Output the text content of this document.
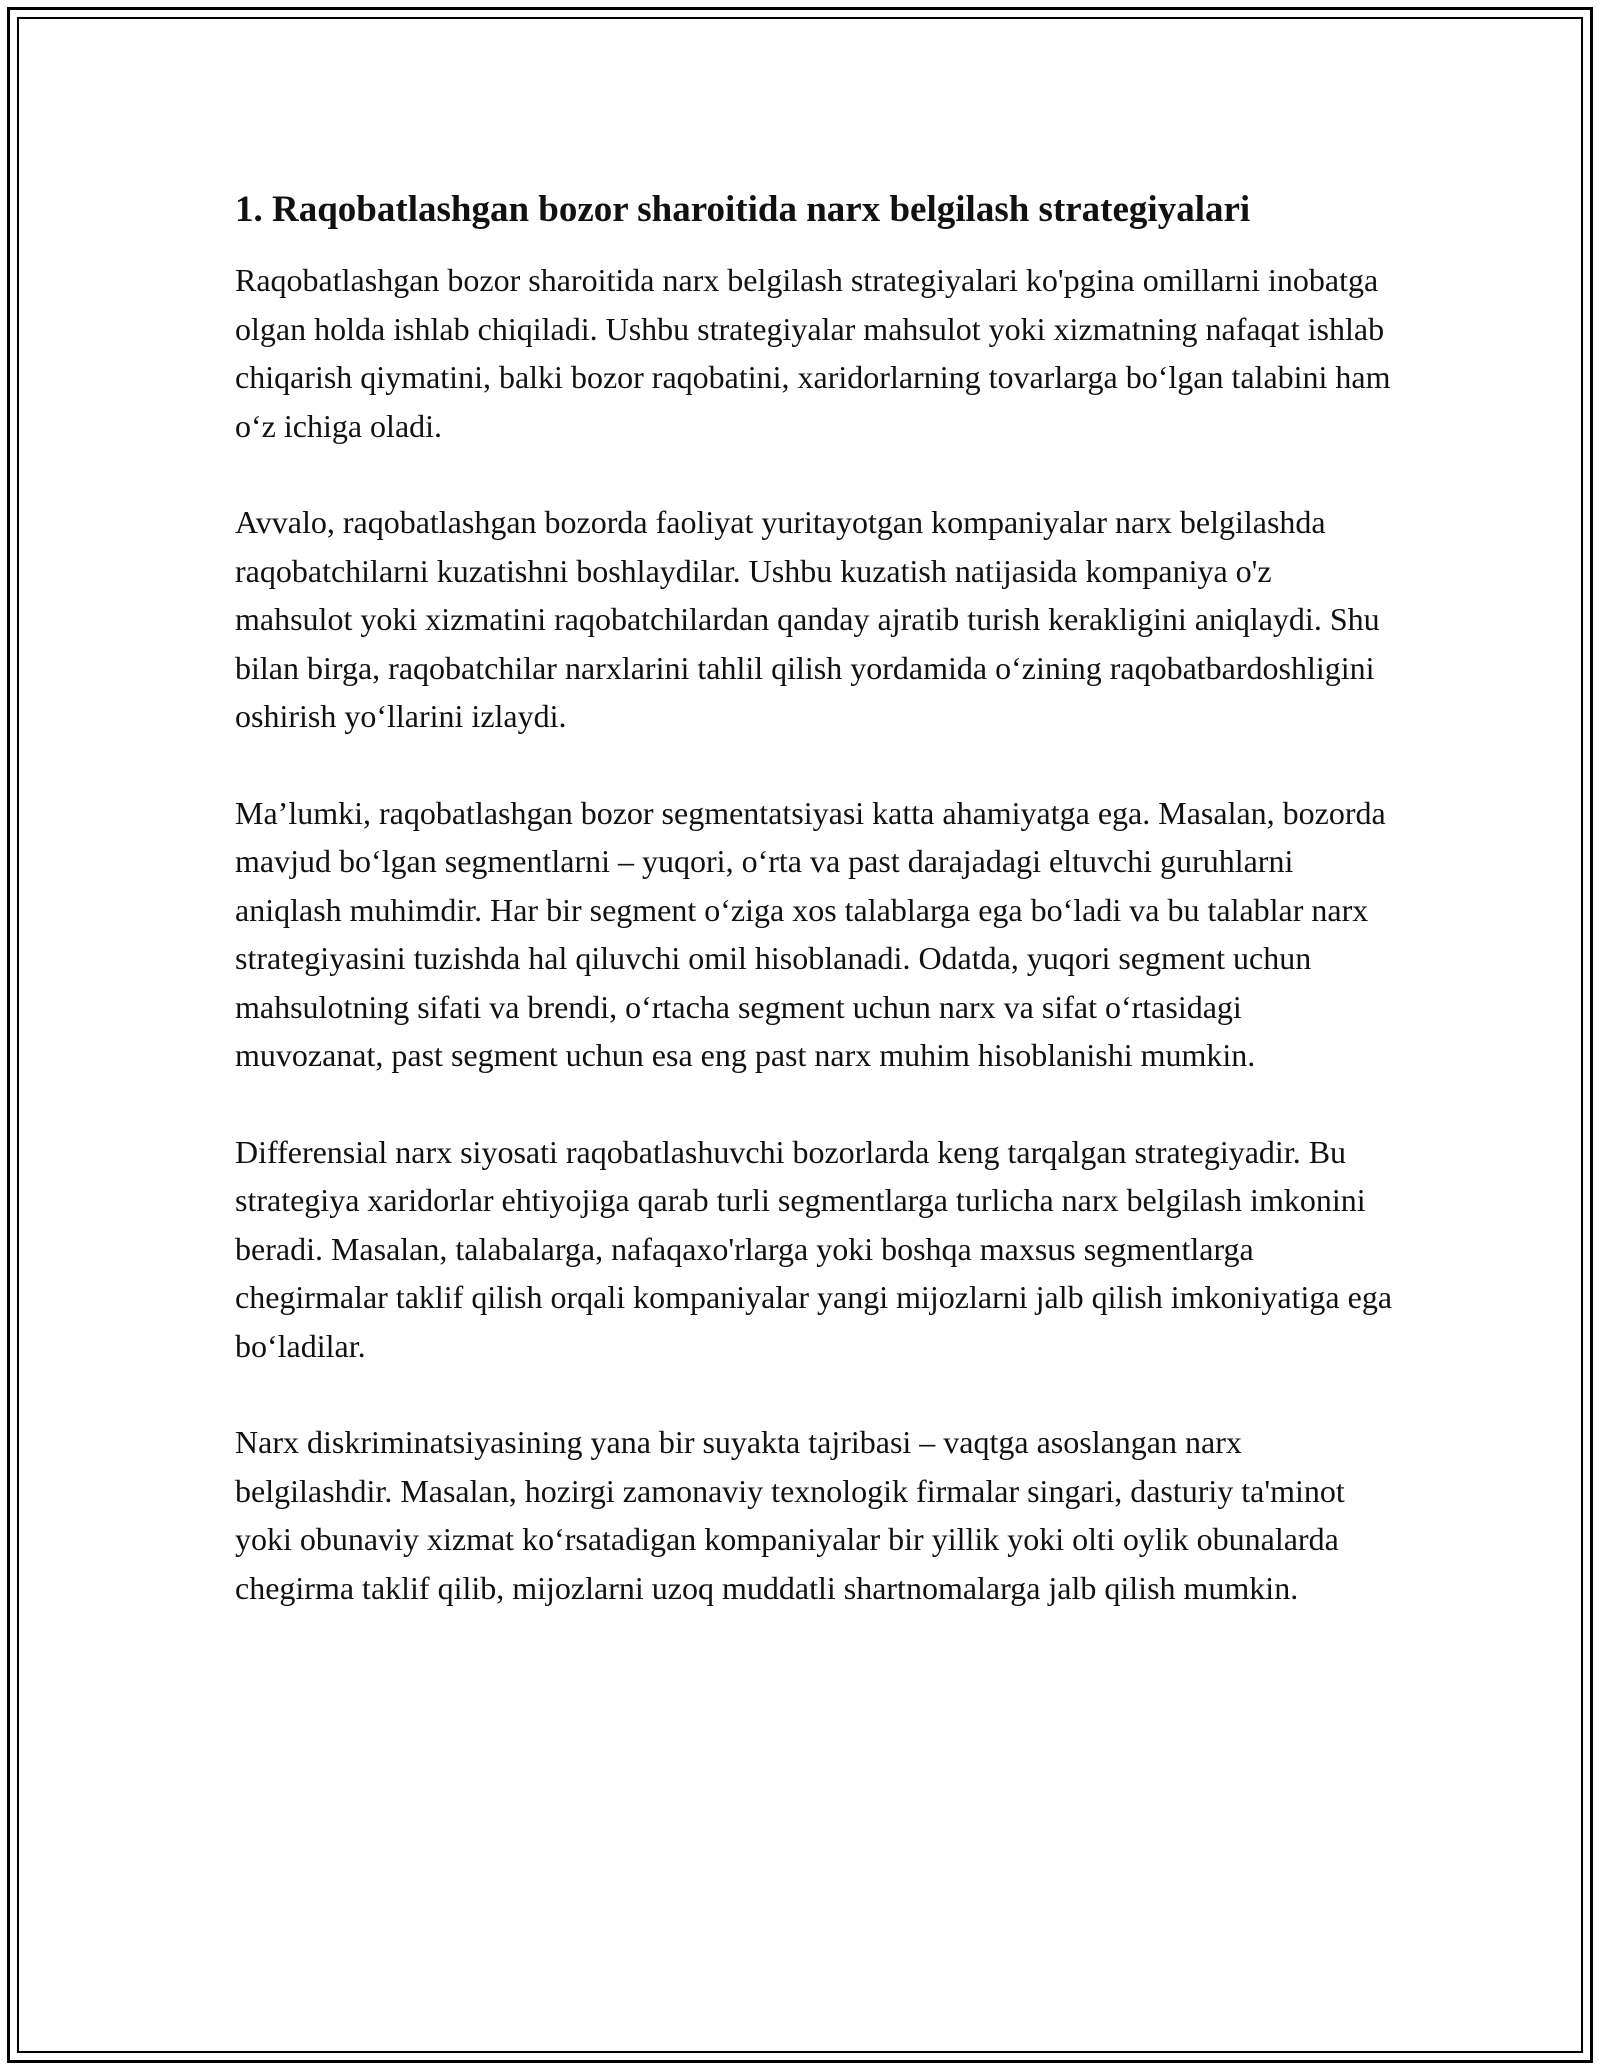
1. Raqobatlashgan bozor sharoitida narx belgilash strategiyalari

Raqobatlashgan bozor sharoitida narx belgilash strategiyalari ko'pgina omillarni inobatga olgan holda ishlab chiqiladi. Ushbu strategiyalar mahsulot yoki xizmatning nafaqat ishlab chiqarish qiymatini, balki bozor raqobatini, xaridorlarning tovarlarga bo‘lgan talabini ham o‘z ichiga oladi.

Avvalo, raqobatlashgan bozorda faoliyat yuritayotgan kompaniyalar narx belgilashda raqobatchilarni kuzatishni boshlaydilar. Ushbu kuzatish natijasida kompaniya o'z mahsulot yoki xizmatini raqobatchilardan qanday ajratib turish kerakligini aniqlaydi. Shu bilan birga, raqobatchilar narxlarini tahlil qilish yordamida o‘zining raqobatbardoshligini oshirish yo‘llarini izlaydi.

Ma’lumki, raqobatlashgan bozor segmentatsiyasi katta ahamiyatga ega. Masalan, bozorda mavjud bo‘lgan segmentlarni – yuqori, o‘rta va past darajadagi eltuvchi guruhlarni aniqlash muhimdir. Har bir segment o‘ziga xos talablarga ega bo‘ladi va bu talablar narx strategiyasini tuzishda hal qiluvchi omil hisoblanadi. Odatda, yuqori segment uchun mahsulotning sifati va brendi, o‘rtacha segment uchun narx va sifat o‘rtasidagi muvozanat, past segment uchun esa eng past narx muhim hisoblanishi mumkin.

Differensial narx siyosati raqobatlashuvchi bozorlarda keng tarqalgan strategiyadir. Bu strategiya xaridorlar ehtiyojiga qarab turli segmentlarga turlicha narx belgilash imkonini beradi. Masalan, talabalarga, nafaqaxo'rlarga yoki boshqa maxsus segmentlarga chegirmalar taklif qilish orqali kompaniyalar yangi mijozlarni jalb qilish imkoniyatiga ega bo‘ladilar.

Narx diskriminatsiyasining yana bir suyakta tajribasi – vaqtga asoslangan narx belgilashdir. Masalan, hozirgi zamonaviy texnologik firmalar singari, dasturiy ta'minot yoki obunaviy xizmat ko‘rsatadigan kompaniyalar bir yillik yoki olti oylik obunalarda chegirma taklif qilib, mijozlarni uzoq muddatli shartnomalarga jalb qilish mumkin.
